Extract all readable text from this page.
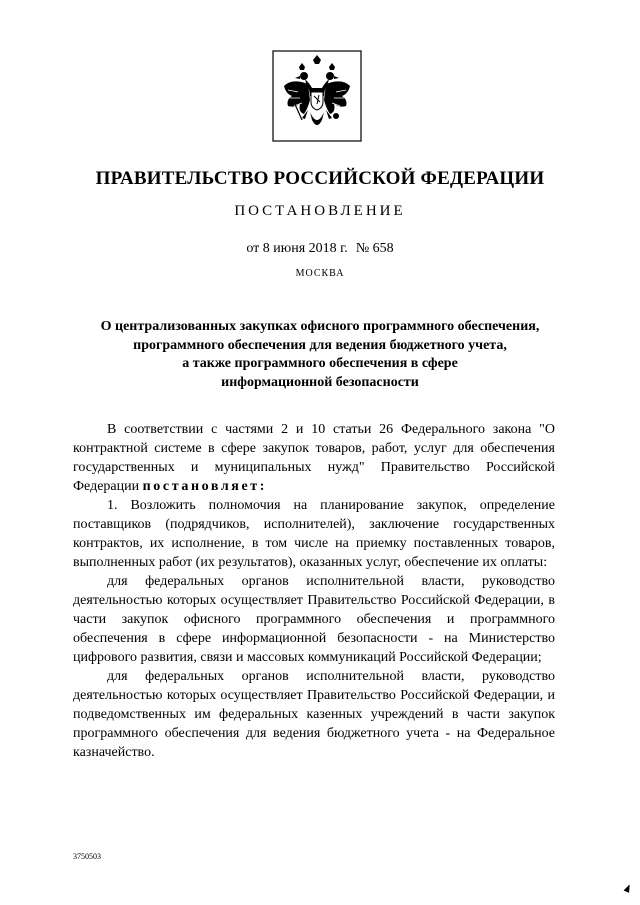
ПРАВИТЕЛЬСТВО РОССИЙСКОЙ ФЕДЕРАЦИИ
ПОСТАНОВЛЕНИЕ
от 8 июня 2018 г. № 658
МОСКВА
О централизованных закупках офисного программного обеспечения,
программного обеспечения для ведения бюджетного учета,
а также программного обеспечения в сфере
информационной безопасности

В соответствии с частями 2 и 10 статьи 26 Федерального закона "О контрактной системе в сфере закупок товаров, работ, услуг для обеспечения государственных и муниципальных нужд" Правительство Российской Федерации постановляет:

1. Возложить полномочия на планирование закупок, определение поставщиков (подрядчиков, исполнителей), заключение государственных контрактов, их исполнение, в том числе на приемку поставленных товаров, выполненных работ (их результатов), оказанных услуг, обеспечение их оплаты:

для федеральных органов исполнительной власти, руководство деятельностью которых осуществляет Правительство Российской Федерации, в части закупок офисного программного обеспечения и программного обеспечения в сфере информационной безопасности - на Министерство цифрового развития, связи и массовых коммуникаций Российской Федерации;

для федеральных органов исполнительной власти, руководство деятельностью которых осуществляет Правительство Российской Федерации, и подведомственных им федеральных казенных учреждений в части закупок программного обеспечения для ведения бюджетного учета - на Федеральное казначейство.

3750503
